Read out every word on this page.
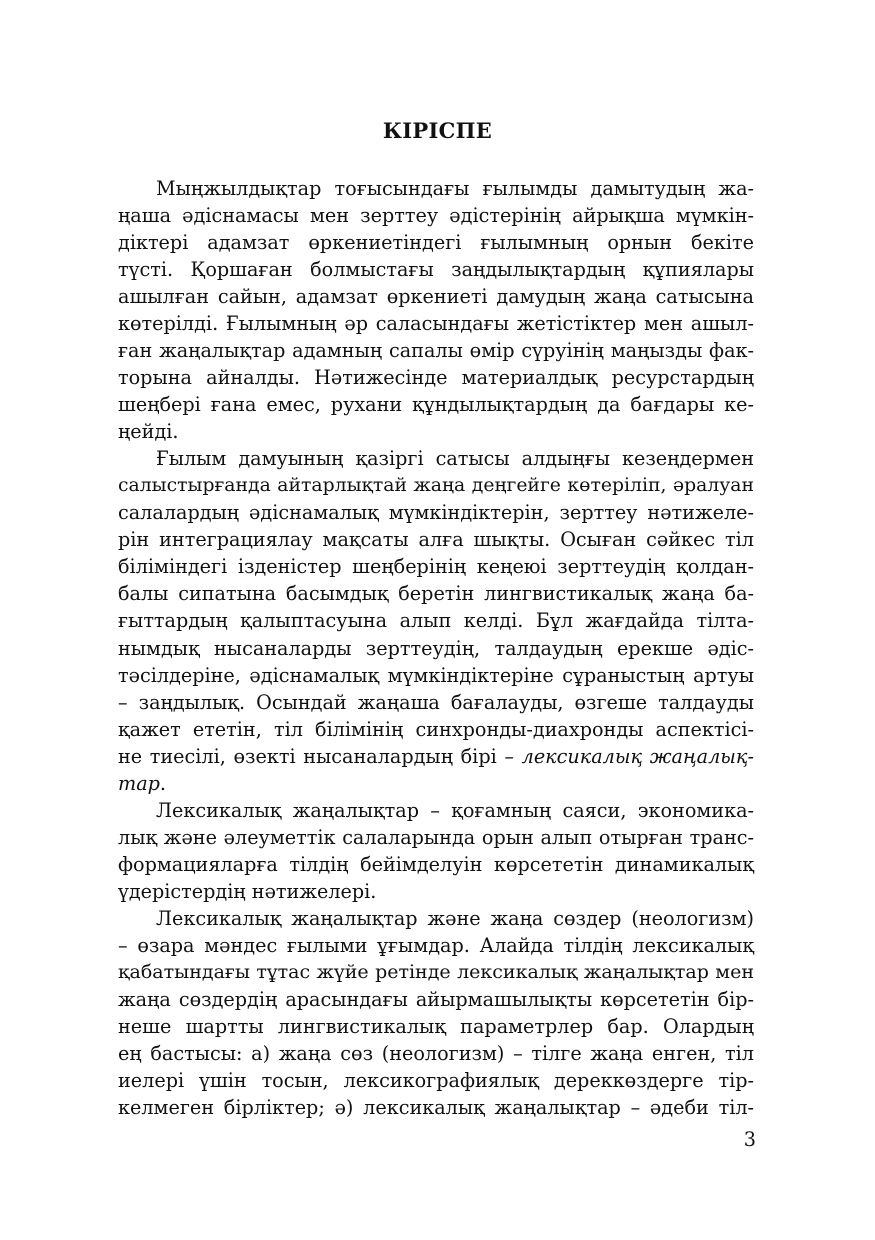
КІРІСПЕ
Мыңжылдықтар тоғысындағы ғылымды дамытудың жа-
ңаша әдіснамасы мен зерттеу әдістерінің айрықша мүмкін-
діктері адамзат өркениетіндегі ғылымның орнын бекіте
түсті. Қоршаған болмыстағы заңдылықтардың құпиялары
ашылған сайын, адамзат өркениеті дамудың жаңа сатысына
көтерілді. Ғылымның әр саласындағы жетістіктер мен ашыл-
ған жаңалықтар адамның сапалы өмір сүруінің маңызды фак-
торына айналды. Нәтижесінде материалдық ресурстардың
шеңбері ғана емес, рухани құндылықтардың да бағдары ке-
ңейді.
Ғылым дамуының қазіргі сатысы алдыңғы кезеңдермен
салыстырғанда айтарлықтай жаңа деңгейге көтеріліп, әралуан
салалардың әдіснамалық мүмкіндіктерін, зерттеу нәтижеле-
рін интеграциялау мақсаты алға шықты. Осыған сәйкес тіл
біліміндегі ізденістер шеңберінің кеңеюі зерттеудің қолдан-
балы сипатына басымдық беретін лингвистикалық жаңа ба-
ғыттардың қалыптасуына алып келді. Бұл жағдайда тілта-
нымдық нысаналарды зерттеудің, талдаудың ерекше әдіс-
тәсілдеріне, әдіснамалық мүмкіндіктеріне сұраныстың артуы
– заңдылық. Осындай жаңаша бағалауды, өзгеше талдауды
қажет ететін, тіл білімінің синхронды-диахронды аспектісі-
не тиесілі, өзекті нысаналардың бірі – лексикалық жаңалық-
тар.
Лексикалық жаңалықтар – қоғамның саяси, экономика-
лық және әлеуметтік салаларында орын алып отырған транс-
формацияларға тілдің бейімделуін көрсететін динамикалық
үдерістердің нәтижелері.
Лексикалық жаңалықтар және жаңа сөздер (неологизм)
– өзара мәндес ғылыми ұғымдар. Алайда тілдің лексикалық
қабатындағы тұтас жүйе ретінде лексикалық жаңалықтар мен
жаңа сөздердің арасындағы айырмашылықты көрсететін бір-
неше шартты лингвистикалық параметрлер бар. Олардың
ең бастысы: а) жаңа сөз (неологизм) – тілге жаңа енген, тіл
иелері үшін тосын, лексикографиялық дереккөздерге тір-
келмеген бірліктер; ә) лексикалық жаңалықтар – әдеби тіл-
3
